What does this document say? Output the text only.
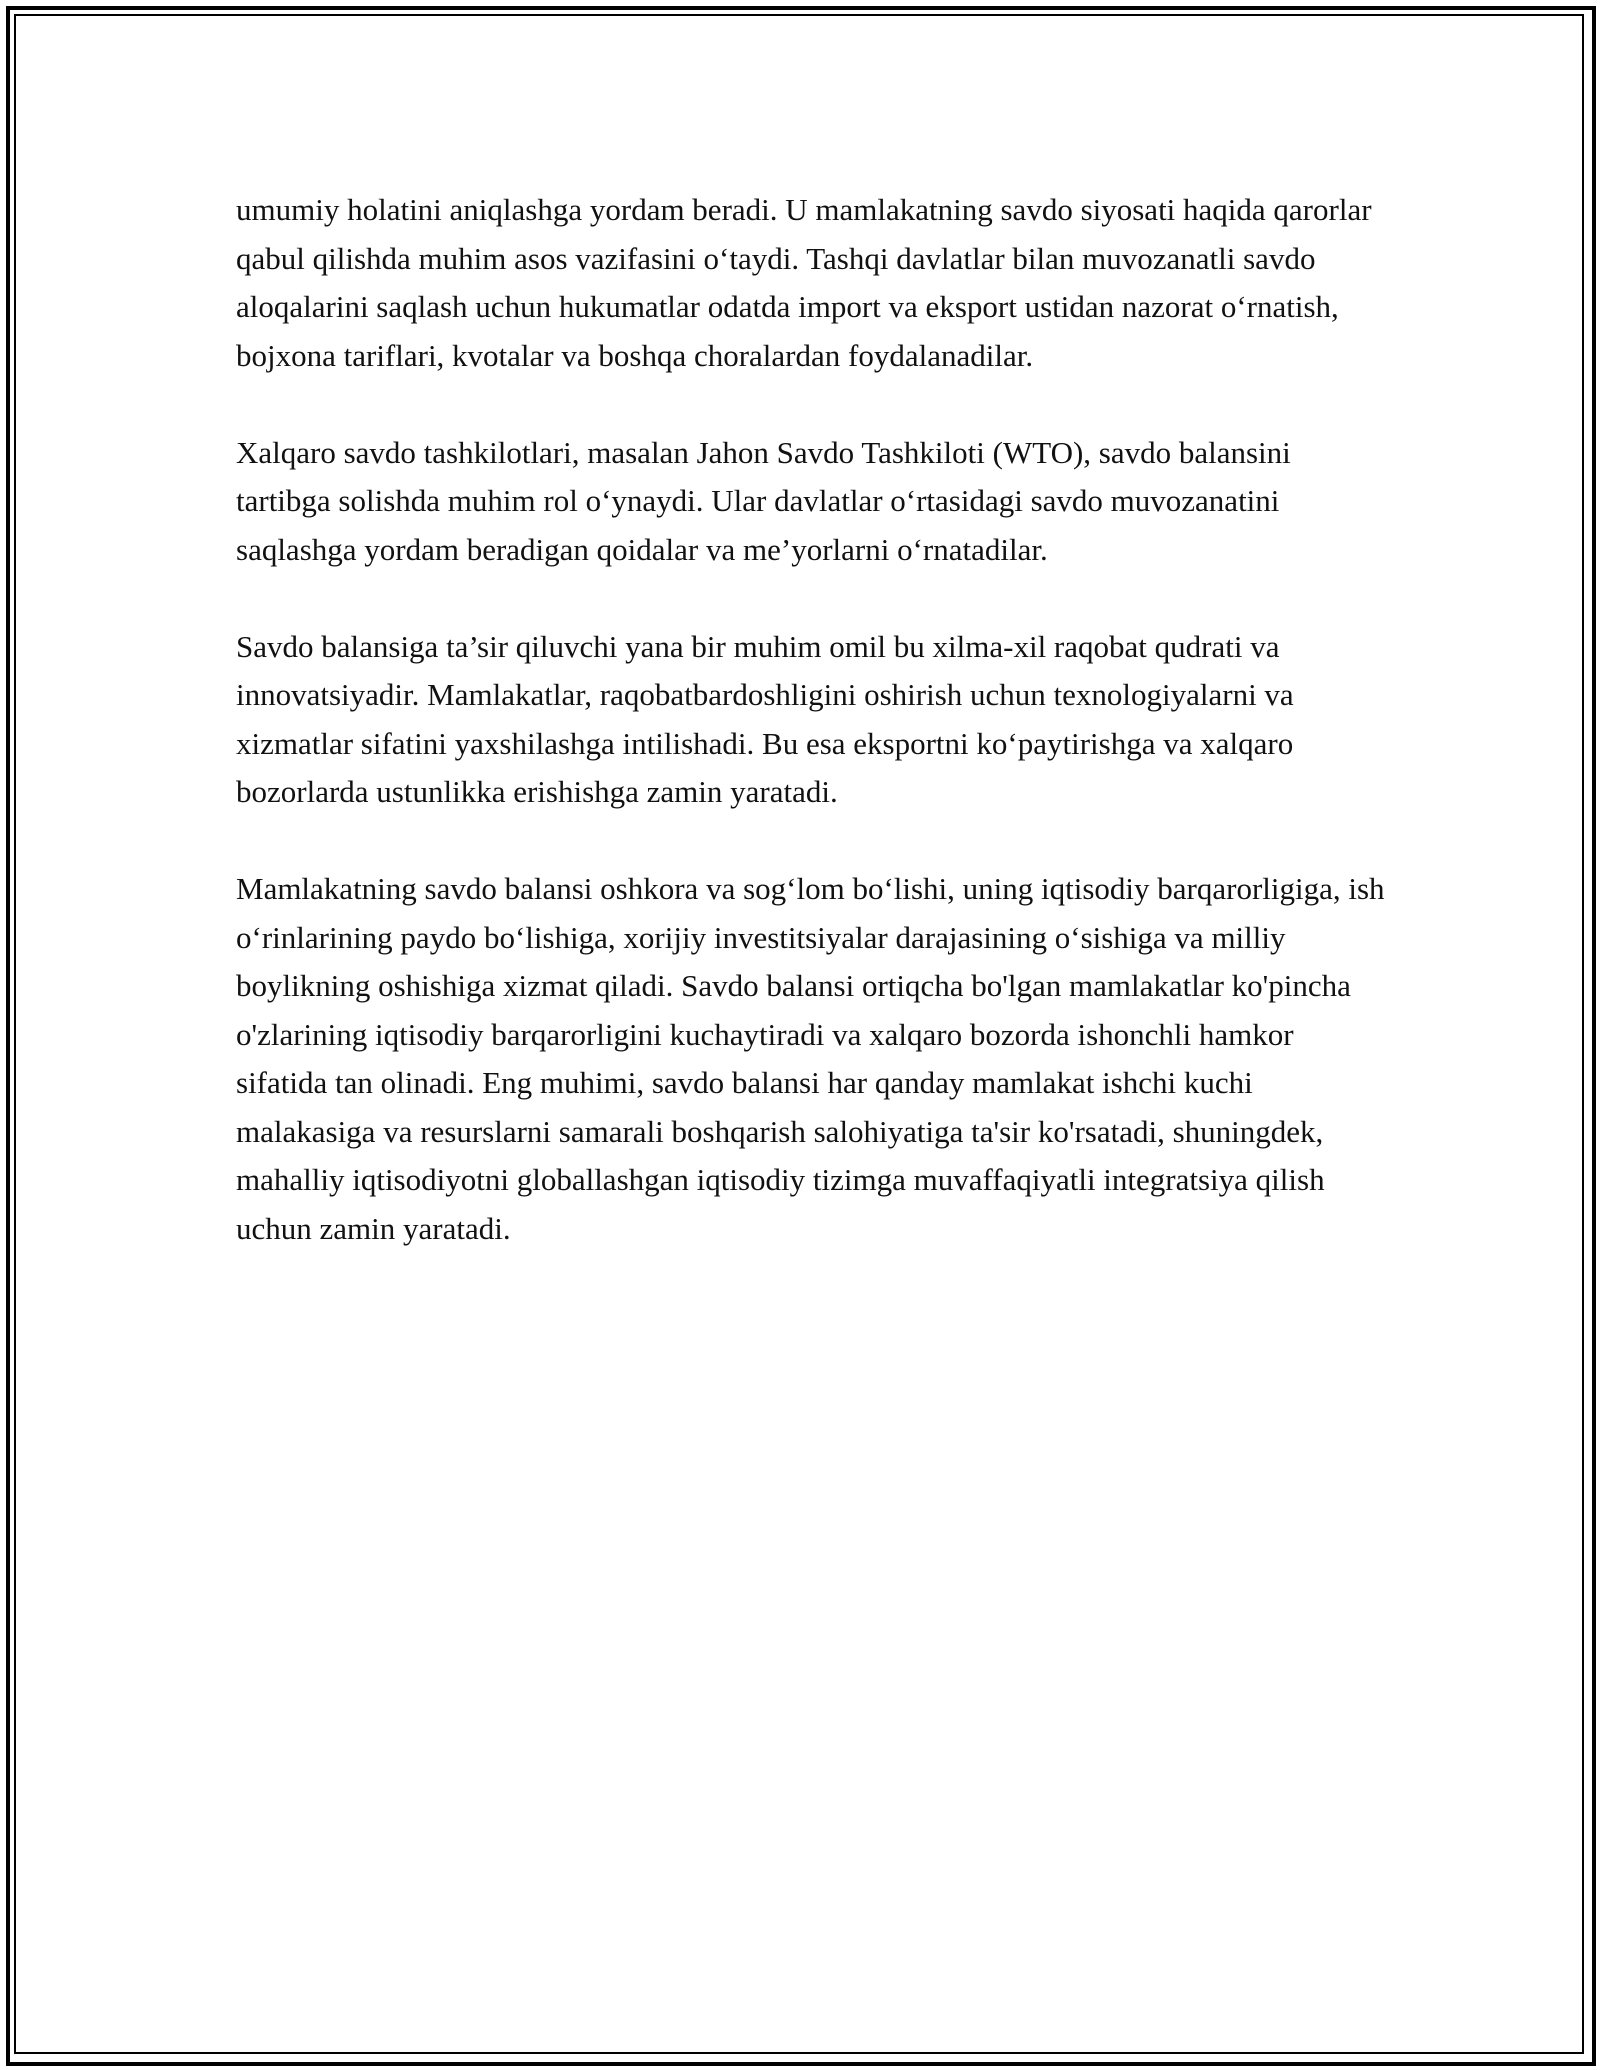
umumiy holatini aniqlashga yordam beradi. U mamlakatning savdo siyosati haqida qarorlar qabul qilishda muhim asos vazifasini o‘taydi. Tashqi davlatlar bilan muvozanatli savdo aloqalarini saqlash uchun hukumatlar odatda import va eksport ustidan nazorat o‘rnatish, bojxona tariflari, kvotalar va boshqa choralardan foydalanadilar.

Xalqaro savdo tashkilotlari, masalan Jahon Savdo Tashkiloti (WTO), savdo balansini tartibga solishda muhim rol o‘ynaydi. Ular davlatlar o‘rtasidagi savdo muvozanatini saqlashga yordam beradigan qoidalar va me’yorlarni o‘rnatadilar.

Savdo balansiga ta’sir qiluvchi yana bir muhim omil bu xilma-xil raqobat qudrati va innovatsiyadir. Mamlakatlar, raqobatbardoshligini oshirish uchun texnologiyalarni va xizmatlar sifatini yaxshilashga intilishadi. Bu esa eksportni ko‘paytirishga va xalqaro bozorlarda ustunlikka erishishga zamin yaratadi.

Mamlakatning savdo balansi oshkora va sog‘lom bo‘lishi, uning iqtisodiy barqarorligiga, ish o‘rinlarining paydo bo‘lishiga, xorijiy investitsiyalar darajasining o‘sishiga va milliy boylikning oshishiga xizmat qiladi. Savdo balansi ortiqcha bo'lgan mamlakatlar ko'pincha o'zlarining iqtisodiy barqarorligini kuchaytiradi va xalqaro bozorda ishonchli hamkor sifatida tan olinadi. Eng muhimi, savdo balansi har qanday mamlakat ishchi kuchi malakasiga va resurslarni samarali boshqarish salohiyatiga ta'sir ko'rsatadi, shuningdek, mahalliy iqtisodiyotni globallashgan iqtisodiy tizimga muvaffaqiyatli integratsiya qilish uchun zamin yaratadi.
